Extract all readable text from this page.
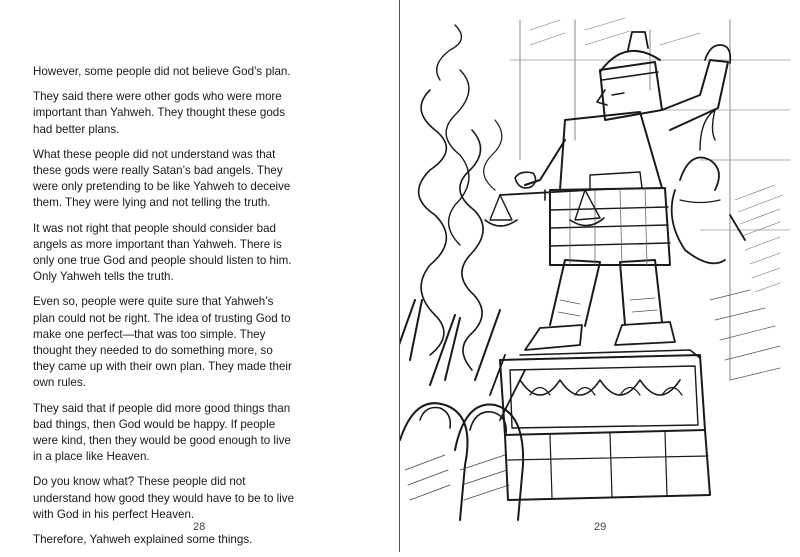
However, some people did not believe God’s plan.

They said there were other gods who were more important than Yahweh. They thought these gods had better plans.

What these people did not understand was that these gods were really Satan’s bad angels. They were only pretending to be like Yahweh to deceive them. They were lying and not telling the truth.

It was not right that people should consider bad angels as more important than Yahweh. There is only one true God and people should listen to him. Only Yahweh tells the truth.

Even so, people were quite sure that Yahweh’s plan could not be right. The idea of trusting God to make one perfect—that was too simple. They thought they needed to do something more, so they came up with their own plan. They made their own rules.

They said that if people did more good things than bad things, then God would be happy. If people were kind, then they would be good enough to live in a place like Heaven.

Do you know what? These people did not understand how good they would have to be to live with God in his perfect Heaven.

Therefore, Yahweh explained some things.

28	29
